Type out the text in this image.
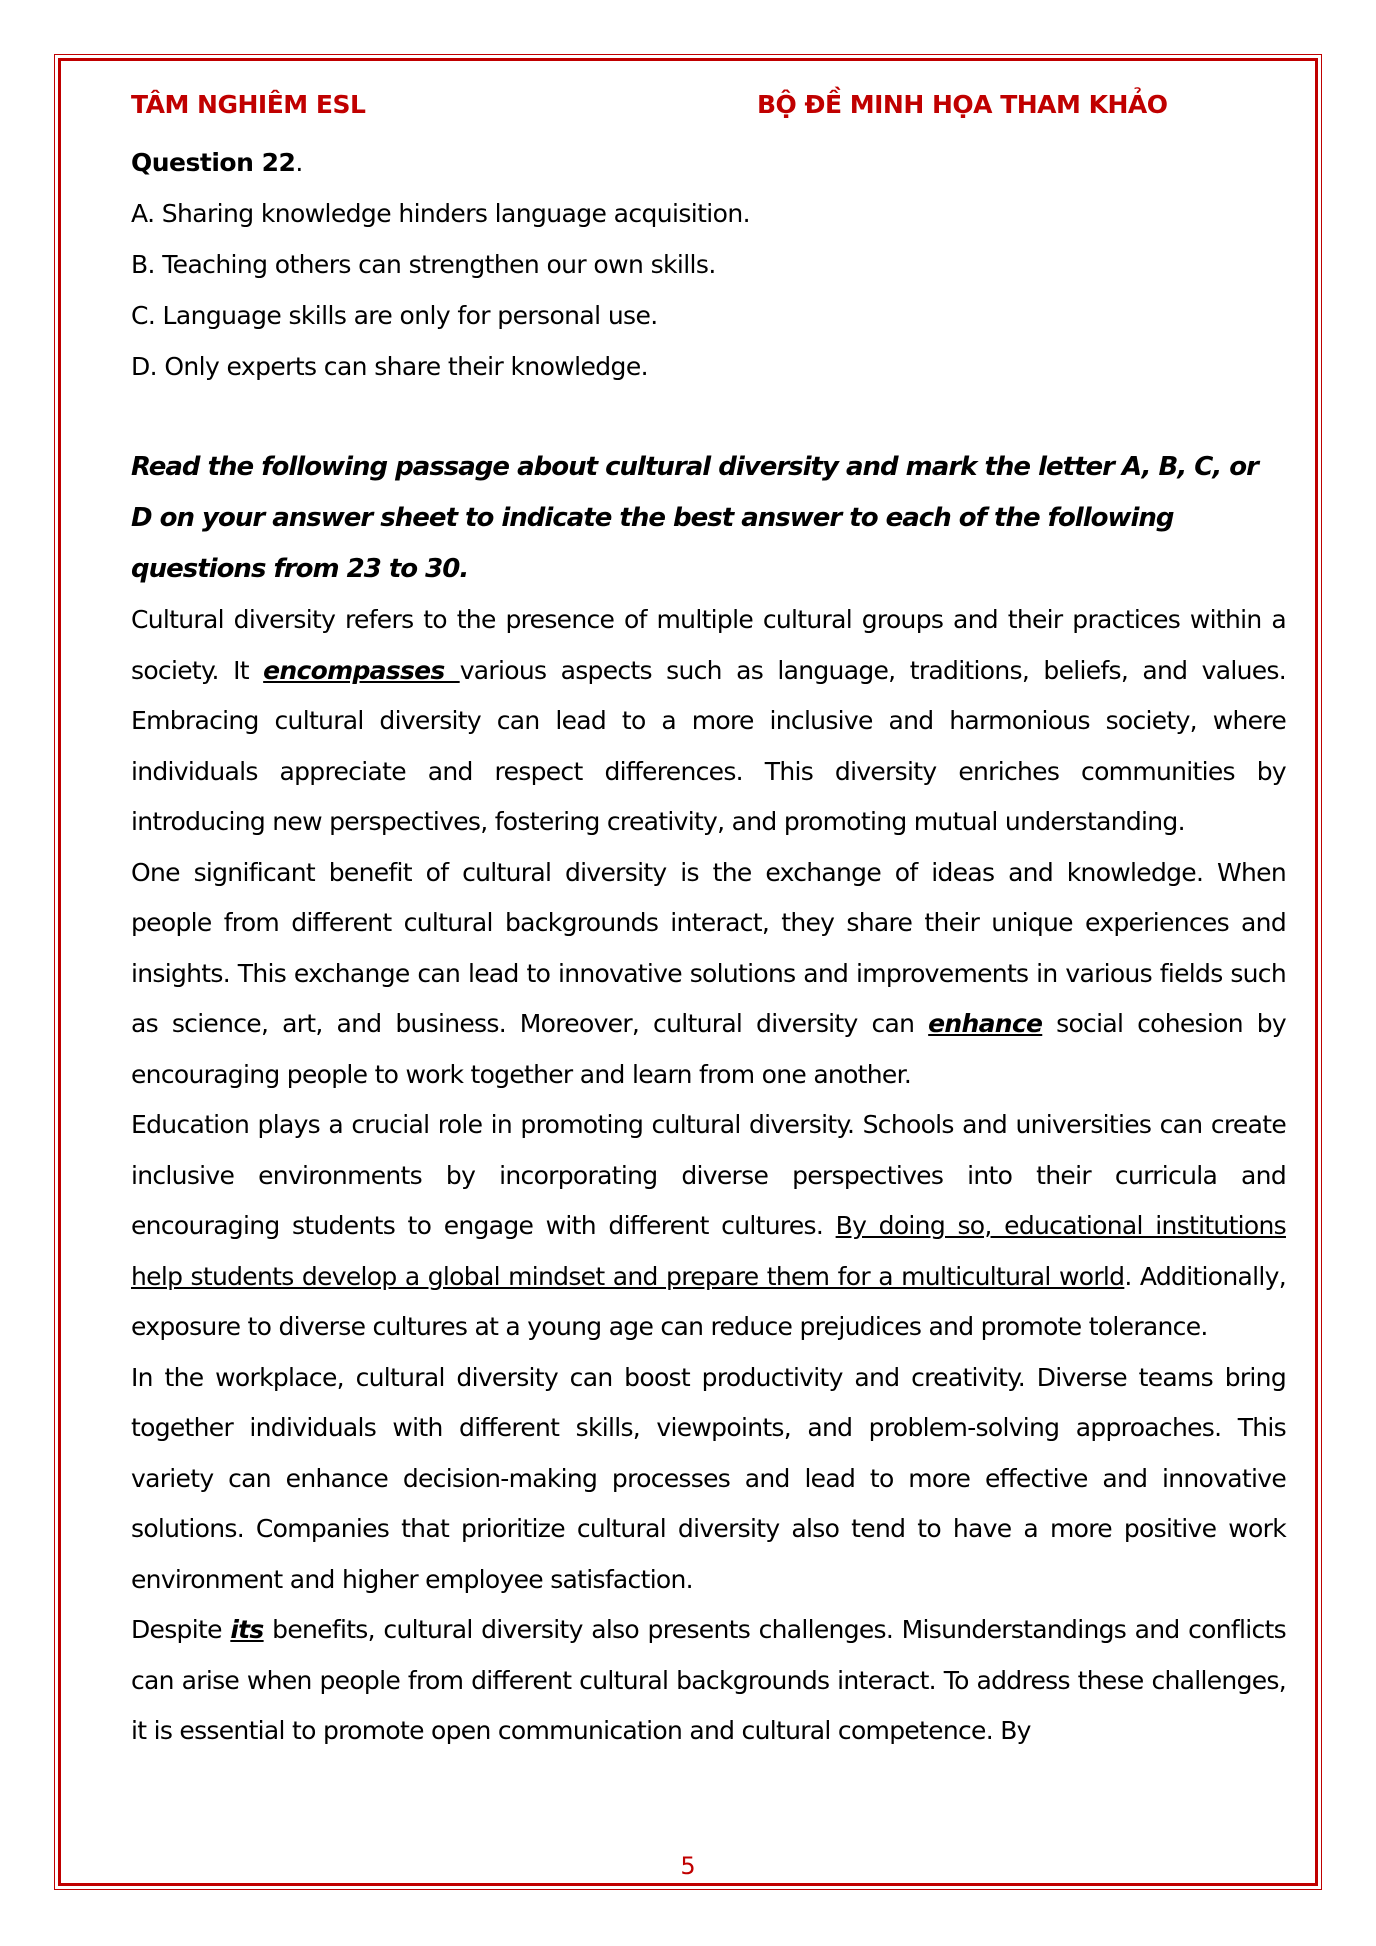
TÂM NGHIÊM ESL	BỘ ĐỀ MINH HỌA THAM KHẢO
Question 22.
A. Sharing knowledge hinders language acquisition.
B. Teaching others can strengthen our own skills.
C. Language skills are only for personal use.
D. Only experts can share their knowledge.
Read the following passage about cultural diversity and mark the letter A, B, C, or D on your answer sheet to indicate the best answer to each of the following questions from 23 to 30.

Cultural diversity refers to the presence of multiple cultural groups and their practices within a society. It encompasses various aspects such as language, traditions, beliefs, and values. Embracing cultural diversity can lead to a more inclusive and harmonious society, where individuals appreciate and respect differences. This diversity enriches communities by introducing new perspectives, fostering creativity, and promoting mutual understanding.

One significant benefit of cultural diversity is the exchange of ideas and knowledge. When people from different cultural backgrounds interact, they share their unique experiences and insights. This exchange can lead to innovative solutions and improvements in various fields such as science, art, and business. Moreover, cultural diversity can enhance social cohesion by encouraging people to work together and learn from one another.

Education plays a crucial role in promoting cultural diversity. Schools and universities can create inclusive environments by incorporating diverse perspectives into their curricula and encouraging students to engage with different cultures. By doing so, educational institutions help students develop a global mindset and prepare them for a multicultural world. Additionally, exposure to diverse cultures at a young age can reduce prejudices and promote tolerance.

In the workplace, cultural diversity can boost productivity and creativity. Diverse teams bring together individuals with different skills, viewpoints, and problem-solving approaches. This variety can enhance decision-making processes and lead to more effective and innovative solutions. Companies that prioritize cultural diversity also tend to have a more positive work environment and higher employee satisfaction.

Despite its benefits, cultural diversity also presents challenges. Misunderstandings and conflicts can arise when people from different cultural backgrounds interact. To address these challenges, it is essential to promote open communication and cultural competence. By

5
